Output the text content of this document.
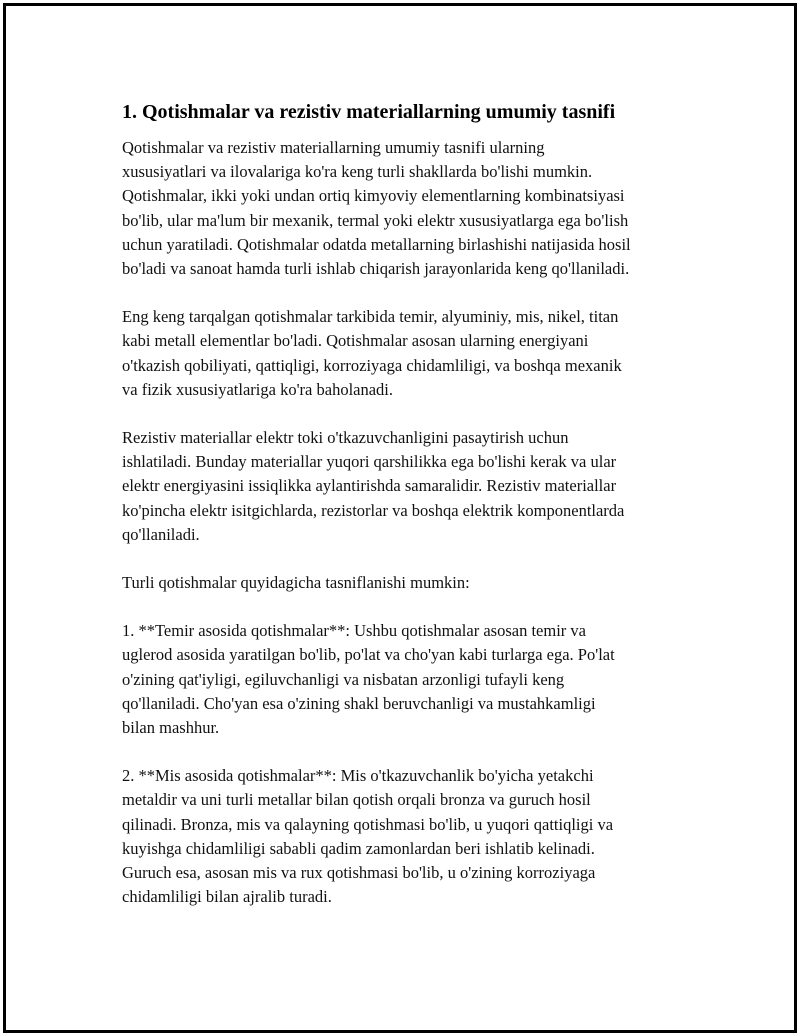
1. Qotishmalar va rezistiv materiallarning umumiy tasnifi
Qotishmalar va rezistiv materiallarning umumiy tasnifi ularning
xususiyatlari va ilovalariga ko'ra keng turli shakllarda bo'lishi mumkin.
Qotishmalar, ikki yoki undan ortiq kimyoviy elementlarning kombinatsiyasi
bo'lib, ular ma'lum bir mexanik, termal yoki elektr xususiyatlarga ega bo'lish
uchun yaratiladi. Qotishmalar odatda metallarning birlashishi natijasida hosil
bo'ladi va sanoat hamda turli ishlab chiqarish jarayonlarida keng qo'llaniladi.
Eng keng tarqalgan qotishmalar tarkibida temir, alyuminiy, mis, nikel, titan
kabi metall elementlar bo'ladi. Qotishmalar asosan ularning energiyani
o'tkazish qobiliyati, qattiqligi, korroziyaga chidamliligi, va boshqa mexanik
va fizik xususiyatlariga ko'ra baholanadi.
Rezistiv materiallar elektr toki o'tkazuvchanligini pasaytirish uchun
ishlatiladi. Bunday materiallar yuqori qarshilikka ega bo'lishi kerak va ular
elektr energiyasini issiqlikka aylantirishda samaralidir. Rezistiv materiallar
ko'pincha elektr isitgichlarda, rezistorlar va boshqa elektrik komponentlarda
qo'llaniladi.
Turli qotishmalar quyidagicha tasniflanishi mumkin:
1. **Temir asosida qotishmalar**: Ushbu qotishmalar asosan temir va
uglerod asosida yaratilgan bo'lib, po'lat va cho'yan kabi turlarga ega. Po'lat
o'zining qat'iyligi, egiluvchanligi va nisbatan arzonligi tufayli keng
qo'llaniladi. Cho'yan esa o'zining shakl beruvchanligi va mustahkamligi
bilan mashhur.
2. **Mis asosida qotishmalar**: Mis o'tkazuvchanlik bo'yicha yetakchi
metaldir va uni turli metallar bilan qotish orqali bronza va guruch hosil
qilinadi. Bronza, mis va qalayning qotishmasi bo'lib, u yuqori qattiqligi va
kuyishga chidamliligi sababli qadim zamonlardan beri ishlatib kelinadi.
Guruch esa, asosan mis va rux qotishmasi bo'lib, u o'zining korroziyaga
chidamliligi bilan ajralib turadi.
